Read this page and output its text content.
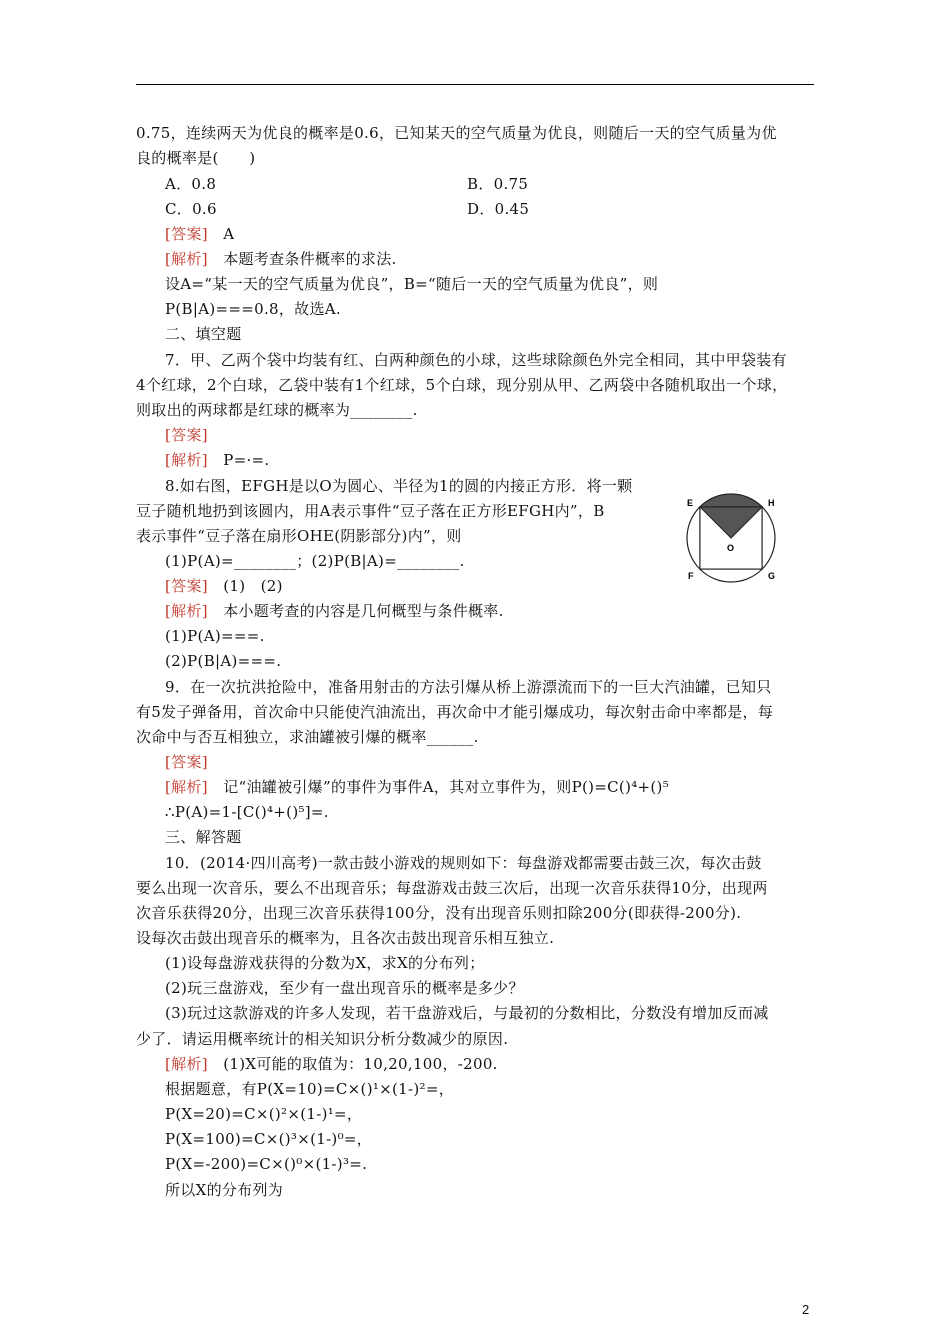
0.75，连续两天为优良的概率是0.6，已知某天的空气质量为优良，则随后一天的空气质量为优
良的概率是(　　)
A．0.8	B．0.75
C．0.6	D．0.45
[答案]　A
[解析]　本题考查条件概率的求法.
设A=“某一天的空气质量为优良”，B=“随后一天的空气质量为优良”，则
P(B|A)===0.8，故选A.
二、填空题
7．甲、乙两个袋中均装有红、白两种颜色的小球，这些球除颜色外完全相同，其中甲袋装有
4个红球，2个白球，乙袋中装有1个红球，5个白球，现分别从甲、乙两袋中各随机取出一个球，
则取出的两球都是红球的概率为________.
[答案]
[解析]　P=·=.
8.如右图，EFGH是以O为圆心、半径为1的圆的内接正方形．将一颗
豆子随机地扔到该圆内，用A表示事件“豆子落在正方形EFGH内”，B
表示事件“豆子落在扇形OHE(阴影部分)内”，则
(1)P(A)=________；(2)P(B|A)=________.
[答案]　(1)　(2)
[解析]　本小题考查的内容是几何概型与条件概率.
(1)P(A)===.
(2)P(B|A)===.
9．在一次抗洪抢险中，准备用射击的方法引爆从桥上游漂流而下的一巨大汽油罐，已知只
有5发子弹备用，首次命中只能使汽油流出，再次命中才能引爆成功，每次射击命中率都是，每
次命中与否互相独立，求油罐被引爆的概率______.
[答案]
[解析]　记“油罐被引爆”的事件为事件A，其对立事件为，则P()=C()⁴+()⁵
∴P(A)=1-[C()⁴+()⁵]=.
三、解答题
10．(2014·四川高考)一款击鼓小游戏的规则如下：每盘游戏都需要击鼓三次，每次击鼓
要么出现一次音乐，要么不出现音乐；每盘游戏击鼓三次后，出现一次音乐获得10分，出现两
次音乐获得20分，出现三次音乐获得100分，没有出现音乐则扣除200分(即获得-200分).
设每次击鼓出现音乐的概率为，且各次击鼓出现音乐相互独立.
(1)设每盘游戏获得的分数为X，求X的分布列；
(2)玩三盘游戏，至少有一盘出现音乐的概率是多少？
(3)玩过这款游戏的许多人发现，若干盘游戏后，与最初的分数相比，分数没有增加反而减
少了．请运用概率统计的相关知识分析分数减少的原因.
[解析]　(1)X可能的取值为：10,20,100，-200.
根据题意，有P(X=10)=C×()¹×(1-)²=，
P(X=20)=C×()²×(1-)¹=，
P(X=100)=C×()³×(1-)⁰=，
P(X=-200)=C×()⁰×(1-)³=.
所以X的分布列为
E	H
O
F	G
2
